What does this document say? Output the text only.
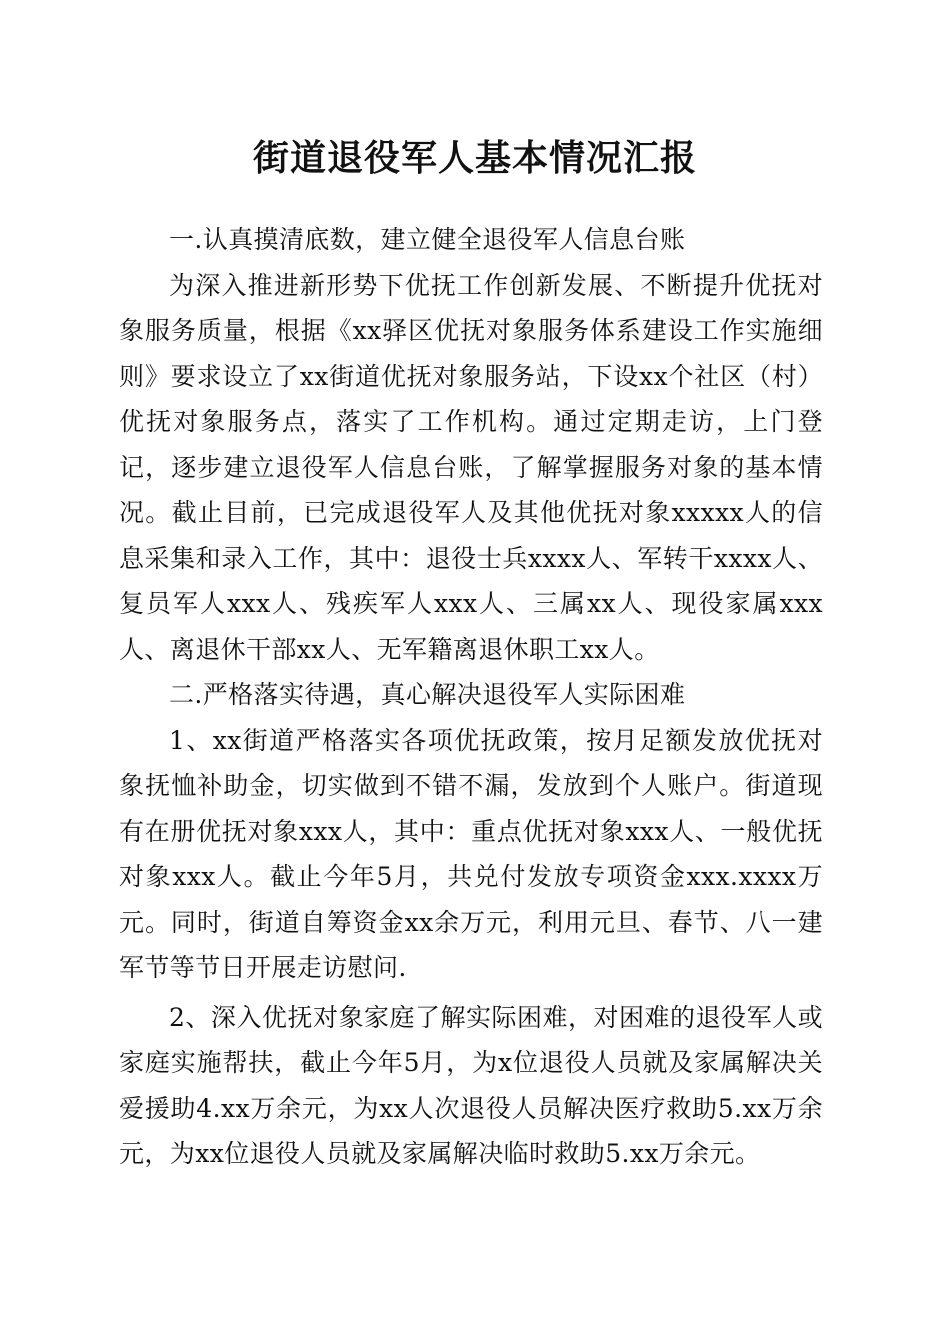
街道退役军人基本情况汇报

一.认真摸清底数，建立健全退役军人信息台账

为深入推进新形势下优抚工作创新发展、不断提升优抚对象服务质量，根据《xx驿区优抚对象服务体系建设工作实施细则》要求设立了xx街道优抚对象服务站，下设xx个社区（村）优抚对象服务点，落实了工作机构。通过定期走访，上门登记，逐步建立退役军人信息台账，了解掌握服务对象的基本情况。截止目前，已完成退役军人及其他优抚对象xxxxx人的信息采集和录入工作，其中：退役士兵xxxx人、军转干xxxx人、复员军人xxx人、残疾军人xxx人、三属xx人、现役家属xxx人、离退休干部xx人、无军籍离退休职工xx人。

二.严格落实待遇，真心解决退役军人实际困难

1、xx街道严格落实各项优抚政策，按月足额发放优抚对象抚恤补助金，切实做到不错不漏，发放到个人账户。街道现有在册优抚对象xxx人，其中：重点优抚对象xxx人、一般优抚对象xxx人。截止今年5月，共兑付发放专项资金xxx.xxxx万元。同时，街道自筹资金xx余万元，利用元旦、春节、八一建军节等节日开展走访慰问.

2、深入优抚对象家庭了解实际困难，对困难的退役军人或家庭实施帮扶，截止今年5月，为x位退役人员就及家属解决关爱援助4.xx万余元，为xx人次退役人员解决医疗救助5.xx万余元，为xx位退役人员就及家属解决临时救助5.xx万余元。
